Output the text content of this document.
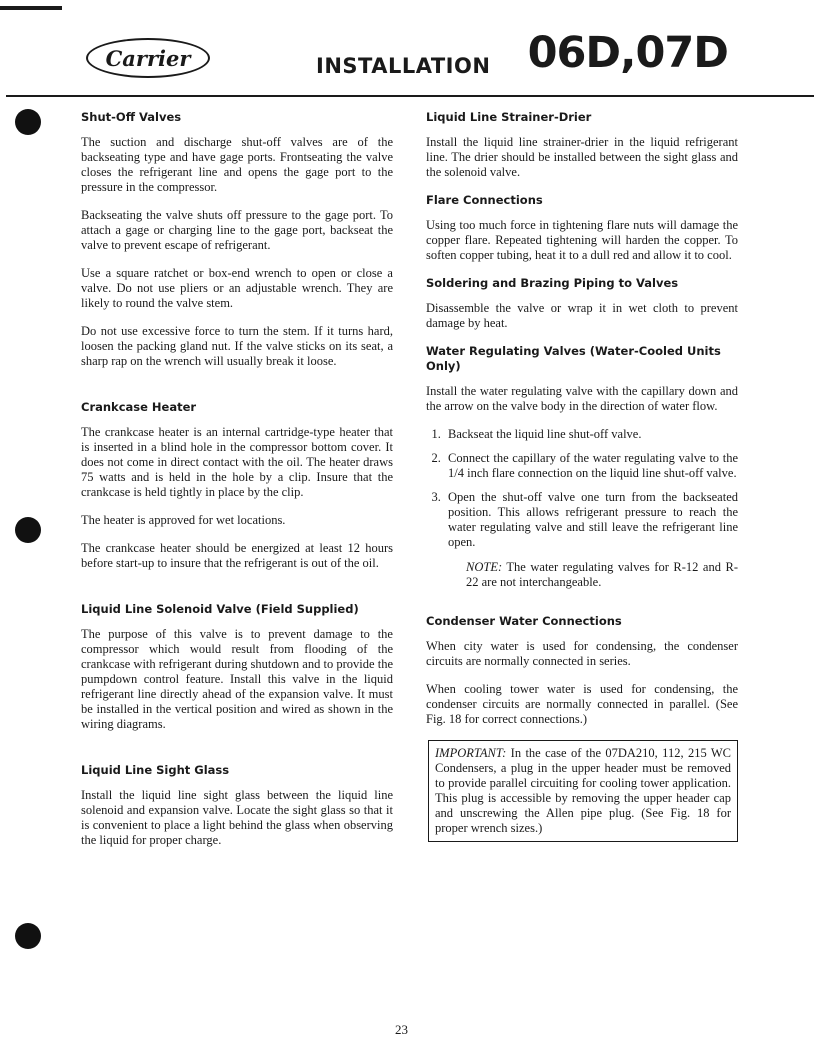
Carrier	INSTALLATION 06D,07D
Shut-Off Valves

The suction and discharge shut-off valves are of the backseating type and have gage ports. Frontseating the valve closes the refrigerant line and opens the gage port to the pressure in the compressor.

Backseating the valve shuts off pressure to the gage port. To attach a gage or charging line to the gage port, backseat the valve to prevent escape of refrigerant.

Use a square ratchet or box-end wrench to open or close a valve. Do not use pliers or an adjustable wrench. They are likely to round the valve stem.

Do not use excessive force to turn the stem. If it turns hard, loosen the packing gland nut. If the valve sticks on its seat, a sharp rap on the wrench will usually break it loose.

Crankcase Heater

The crankcase heater is an internal cartridge-type heater that is inserted in a blind hole in the compressor bottom cover. It does not come in direct contact with the oil. The heater draws 75 watts and is held in the hole by a clip. Insure that the crankcase is held tightly in place by the clip.

The heater is approved for wet locations.

The crankcase heater should be energized at least 12 hours before start-up to insure that the refrigerant is out of the oil.

Liquid Line Solenoid Valve (Field Supplied)

The purpose of this valve is to prevent damage to the compressor which would result from flooding of the crankcase with refrigerant during shutdown and to provide the pumpdown control feature. Install this valve in the liquid refrigerant line directly ahead of the expansion valve. It must be installed in the vertical position and wired as shown in the wiring diagrams.

Liquid Line Sight Glass

Install the liquid line sight glass between the liquid line solenoid and expansion valve. Locate the sight glass so that it is convenient to place a light behind the glass when observing the liquid for proper charge.

Liquid Line Strainer-Drier

Install the liquid line strainer-drier in the liquid refrigerant line. The drier should be installed between the sight glass and the solenoid valve.

Flare Connections

Using too much force in tightening flare nuts will damage the copper flare. Repeated tightening will harden the copper. To soften copper tubing, heat it to a dull red and allow it to cool.

Soldering and Brazing Piping to Valves

Disassemble the valve or wrap it in wet cloth to prevent damage by heat.

Water Regulating Valves (Water-Cooled Units Only)

Install the water regulating valve with the capillary down and the arrow on the valve body in the direction of water flow.

1. Backseat the liquid line shut-off valve.
2. Connect the capillary of the water regulating valve to the 1/4 inch flare connection on the liquid line shut-off valve.
3. Open the shut-off valve one turn from the backseated position. This allows refrigerant pressure to reach the water regulating valve and still leave the refrigerant line open.
NOTE: The water regulating valves for R-12 and R-22 are not interchangeable.
Condenser Water Connections

When city water is used for condensing, the condenser circuits are normally connected in series.

When cooling tower water is used for condensing, the condenser circuits are normally connected in parallel. (See Fig. 18 for correct connections.)

IMPORTANT: In the case of the 07DA210, 112, 215 WC Condensers, a plug in the upper header must be removed to provide parallel circuiting for cooling tower application. This plug is accessible by removing the upper header cap and unscrewing the Allen pipe plug. (See Fig. 18 for proper wrench sizes.)
23
